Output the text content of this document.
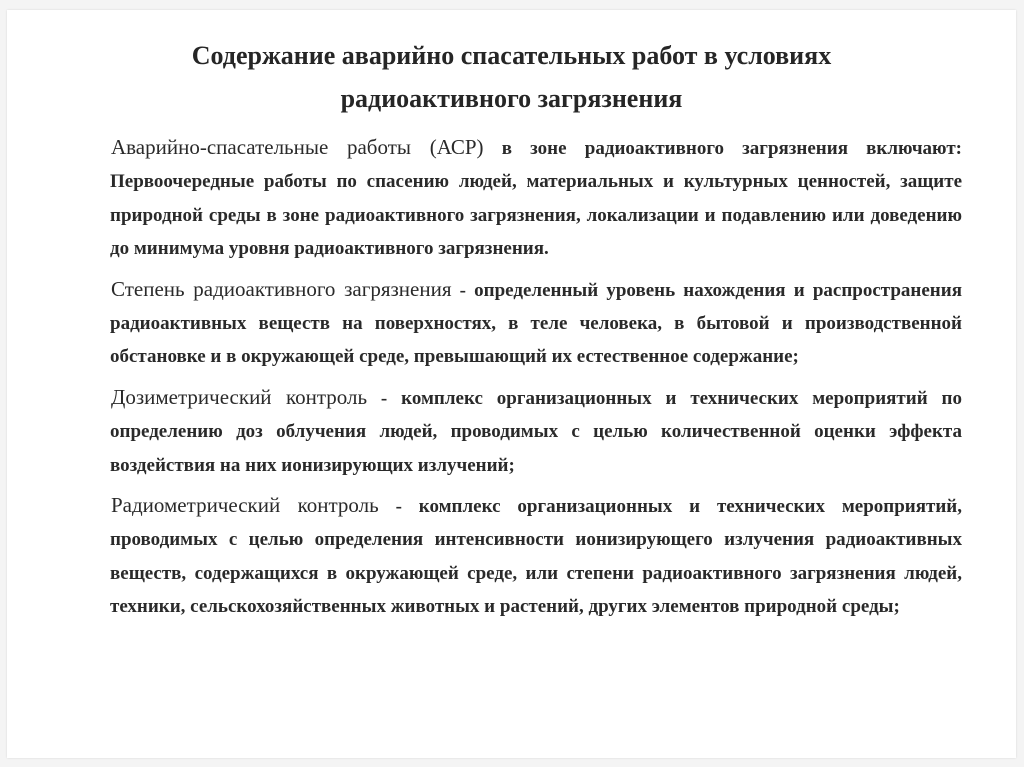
Содержание аварийно спасательных работ в условиях
радиоактивного загрязнения

Аварийно-спасательные работы (АСР) в зоне радиоактивного загрязнения включают: Первоочередные работы по спасению людей, материальных и культурных ценностей, защите природной среды в зоне радиоактивного загрязнения, локализации и подавлению или доведению до минимума уровня радиоактивного загрязнения.

Степень радиоактивного загрязнения - определенный уровень нахождения и распространения радиоактивных веществ на поверхностях, в теле человека, в бытовой и производственной обстановке и в окружающей среде, превышающий их естественное содержание;

Дозиметрический контроль - комплекс организационных и технических мероприятий по определению доз облучения людей, проводимых с целью количественной оценки эффекта воздействия на них ионизирующих излучений;

Радиометрический контроль - комплекс организационных и технических мероприятий, проводимых с целью определения интенсивности ионизирующего излучения радиоактивных веществ, содержащихся в окружающей среде, или степени радиоактивного загрязнения людей, техники, сельскохозяйственных животных и растений, других элементов природной среды;
